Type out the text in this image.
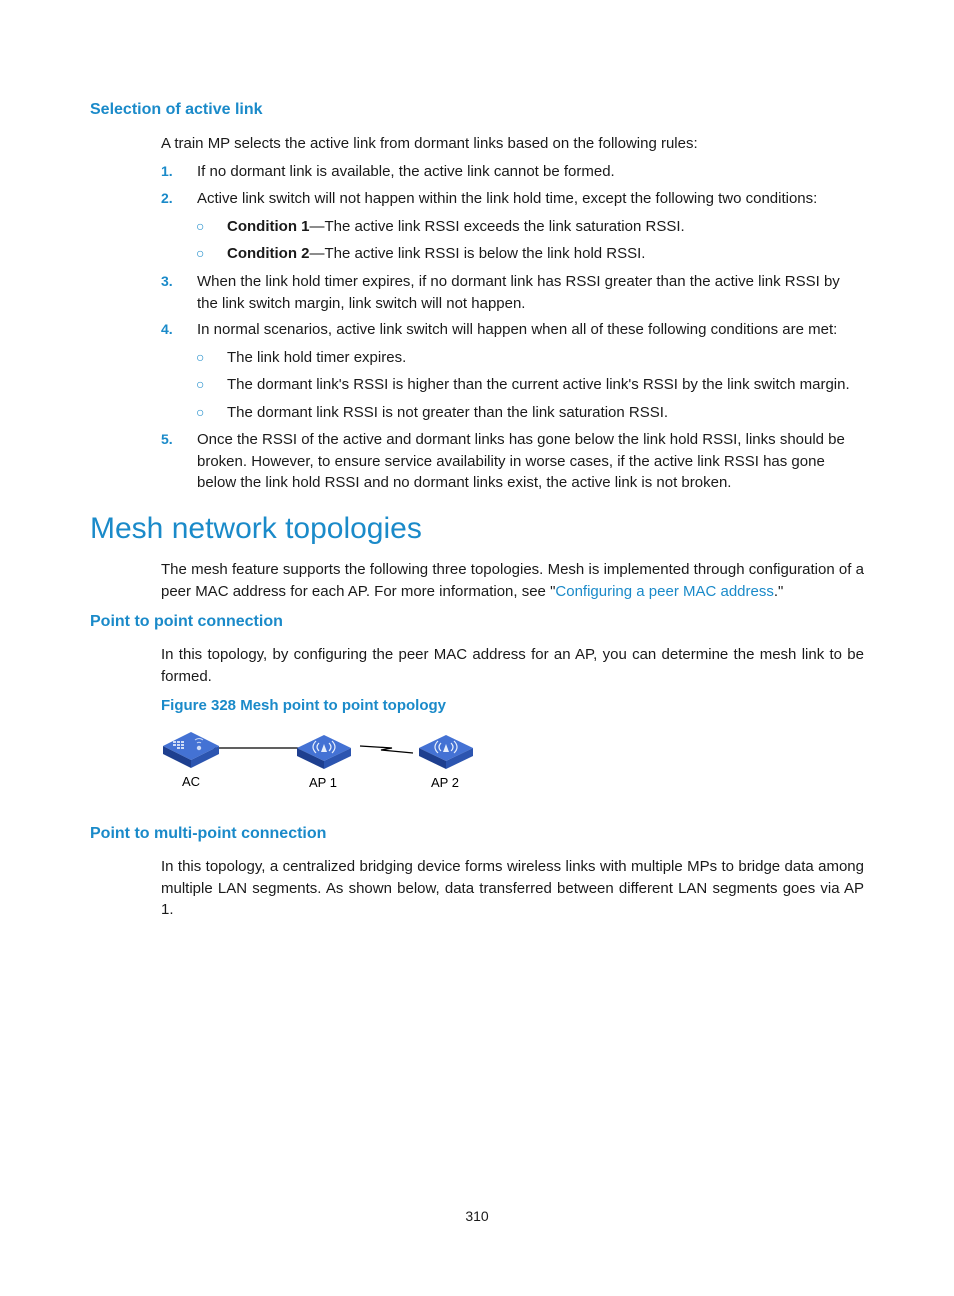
Selection of active link

A train MP selects the active link from dormant links based on the following rules:

1. If no dormant link is available, the active link cannot be formed.
2. Active link switch will not happen within the link hold time, except the following two conditions:
○ Condition 1—The active link RSSI exceeds the link saturation RSSI.
○ Condition 2—The active link RSSI is below the link hold RSSI.
3. When the link hold timer expires, if no dormant link has RSSI greater than the active link RSSI by the link switch margin, link switch will not happen.
4. In normal scenarios, active link switch will happen when all of these following conditions are met:
○ The link hold timer expires.
○ The dormant link's RSSI is higher than the current active link's RSSI by the link switch margin.
○ The dormant link RSSI is not greater than the link saturation RSSI.
5. Once the RSSI of the active and dormant links has gone below the link hold RSSI, links should be broken. However, to ensure service availability in worse cases, if the active link RSSI has gone below the link hold RSSI and no dormant links exist, the active link is not broken.
Mesh network topologies

The mesh feature supports the following three topologies. Mesh is implemented through configuration of a peer MAC address for each AP. For more information, see "Configuring a peer MAC address."

Point to point connection

In this topology, by configuring the peer MAC address for an AP, you can determine the mesh link to be formed.

Figure 328 Mesh point to point topology

AC	AP 1	AP 2
Point to multi-point connection

In this topology, a centralized bridging device forms wireless links with multiple MPs to bridge data among multiple LAN segments. As shown below, data transferred between different LAN segments goes via AP 1.

310
